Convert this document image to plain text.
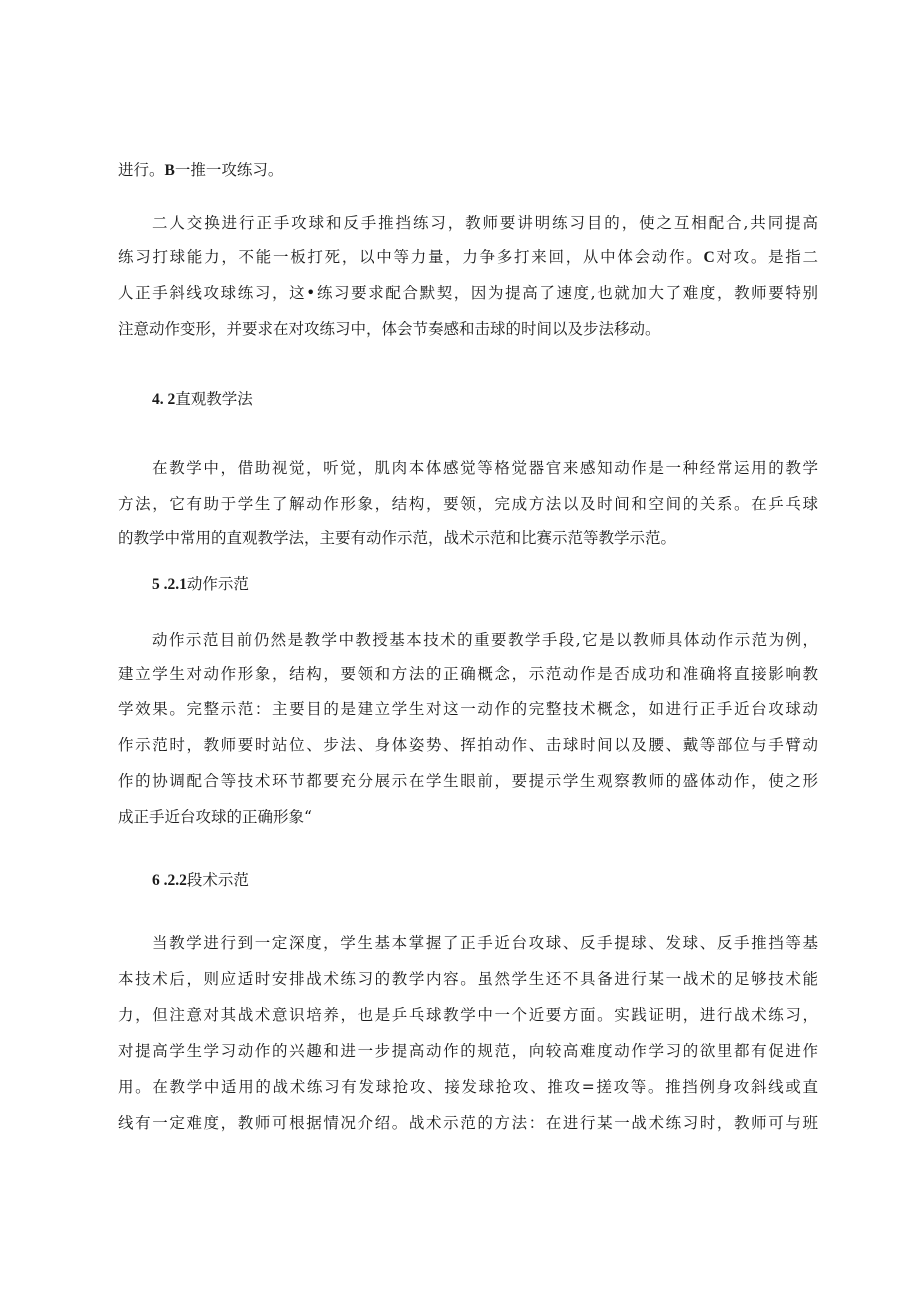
进行。B一推一攻练习。
二人交换进行正手攻球和反手推挡练习，教师要讲明练习目的，使之互相配合,共同提高
练习打球能力，不能一板打死，以中等力量，力争多打来回，从中体会动作。C对攻。是指二
人正手斜线攻球练习，这•练习要求配合默契，因为提高了速度,也就加大了难度，教师要特别
注意动作变形，并要求在对攻练习中，体会节奏感和击球的时间以及步法移动。
4. 2直观教学法
在教学中，借助视觉，听觉，肌肉本体感觉等格觉器官来感知动作是一种经常运用的教学
方法，它有助于学生了解动作形象，结构，要领，完成方法以及时间和空间的关系。在乒乓球
的教学中常用的直观教学法，主要有动作示范，战术示范和比赛示范等教学示范。
5 .2.1动作示范
动作示范目前仍然是教学中教授基本技术的重要教学手段,它是以教师具体动作示范为例，
建立学生对动作形象，结构，要领和方法的正确概念，示范动作是否成功和准确将直接影响教
学效果。完整示范：主要目的是建立学生对这一动作的完整技术概念，如进行正手近台攻球动
作示范时，教师要时站位、步法、身体姿势、挥拍动作、击球时间以及腰、戴等部位与手臂动
作的协调配合等技术环节都要充分展示在学生眼前，要提示学生观察教师的盛体动作，使之形
成正手近台攻球的正确形象“
6 .2.2段术示范
当教学进行到一定深度，学生基本掌握了正手近台攻球、反手提球、发球、反手推挡等基
本技术后，则应适时安排战术练习的教学内容。虽然学生还不具备进行某一战术的足够技术能
力，但注意对其战术意识培养，也是乒乓球教学中一个近要方面。实践证明，进行战术练习，
对提高学生学习动作的兴趣和进一步提高动作的规范，向较高难度动作学习的欲里都有促进作
用。在教学中适用的战术练习有发球抢攻、接发球抢攻、推攻=搓攻等。推挡例身攻斜线或直
线有一定难度，教师可根据情况介绍。战术示范的方法：在进行某一战术练习时，教师可与班
